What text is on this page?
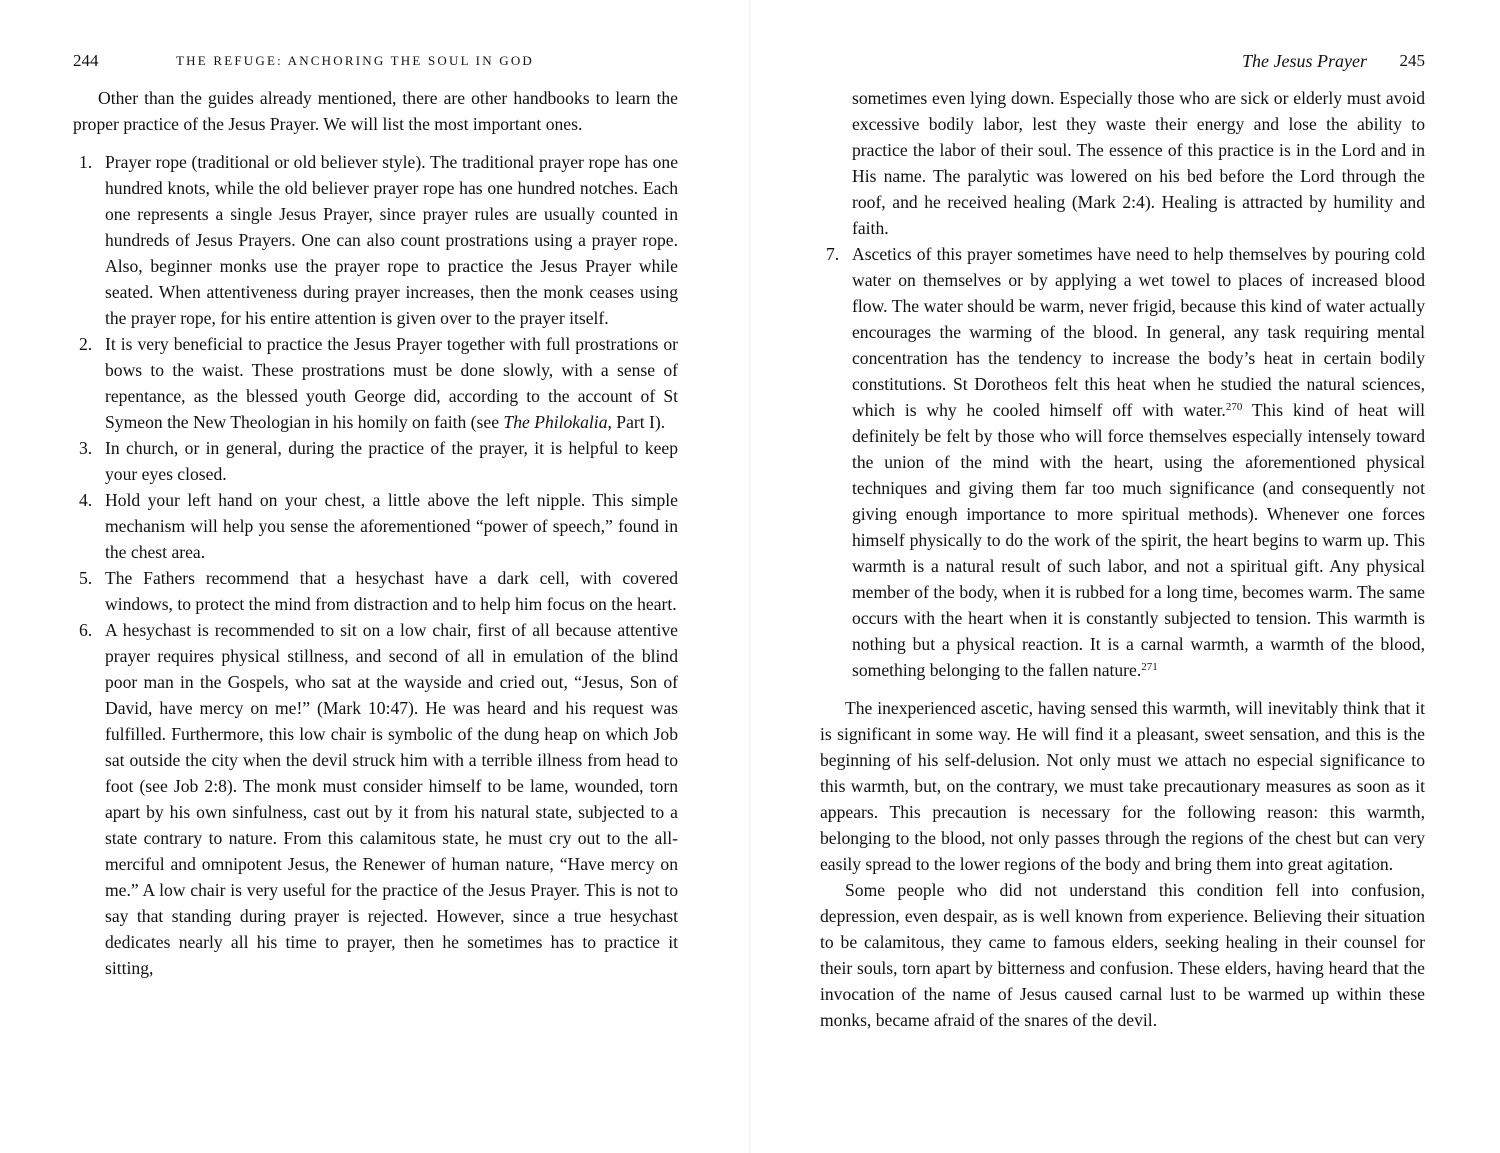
244	THE REFUGE: ANCHORING THE SOUL IN GOD

Other than the guides already mentioned, there are other handbooks to learn the proper practice of the Jesus Prayer. We will list the most important ones.

1. Prayer rope (traditional or old believer style). The traditional prayer rope has one hundred knots, while the old believer prayer rope has one hundred notches. Each one represents a single Jesus Prayer, since prayer rules are usually counted in hundreds of Jesus Prayers. One can also count prostrations using a prayer rope. Also, beginner monks use the prayer rope to practice the Jesus Prayer while seated. When attentiveness during prayer increases, then the monk ceases using the prayer rope, for his entire attention is given over to the prayer itself.
2. It is very beneficial to practice the Jesus Prayer together with full prostrations or bows to the waist. These prostrations must be done slowly, with a sense of repentance, as the blessed youth George did, according to the account of St Symeon the New Theologian in his homily on faith (see The Philokalia, Part I).
3. In church, or in general, during the practice of the prayer, it is helpful to keep your eyes closed.
4. Hold your left hand on your chest, a little above the left nipple. This simple mechanism will help you sense the aforementioned “power of speech,” found in the chest area.
5. The Fathers recommend that a hesychast have a dark cell, with covered windows, to protect the mind from distraction and to help him focus on the heart.
6. A hesychast is recommended to sit on a low chair, first of all because attentive prayer requires physical stillness, and second of all in emulation of the blind poor man in the Gospels, who sat at the wayside and cried out, “Jesus, Son of David, have mercy on me!” (Mark 10:47). He was heard and his request was fulfilled. Furthermore, this low chair is symbolic of the dung heap on which Job sat outside the city when the devil struck him with a terrible illness from head to foot (see Job 2:8). The monk must consider himself to be lame, wounded, torn apart by his own sinfulness, cast out by it from his natural state, subjected to a state contrary to nature. From this calamitous state, he must cry out to the all-merciful and omnipotent Jesus, the Renewer of human nature, “Have mercy on me.” A low chair is very useful for the practice of the Jesus Prayer. This is not to say that standing during prayer is rejected. However, since a true hesychast dedicates nearly all his time to prayer, then he sometimes has to practice it sitting,
The Jesus Prayer 245

sometimes even lying down. Especially those who are sick or elderly must avoid excessive bodily labor, lest they waste their energy and lose the ability to practice the labor of their soul. The essence of this practice is in the Lord and in His name. The paralytic was lowered on his bed before the Lord through the roof, and he received healing (Mark 2:4). Healing is attracted by humility and faith.

7. Ascetics of this prayer sometimes have need to help themselves by pouring cold water on themselves or by applying a wet towel to places of increased blood flow. The water should be warm, never frigid, because this kind of water actually encourages the warming of the blood. In general, any task requiring mental concentration has the tendency to increase the body’s heat in certain bodily constitutions. St Dorotheos felt this heat when he studied the natural sciences, which is why he cooled himself off with water.$^{270}$ This kind of heat will definitely be felt by those who will force themselves especially intensely toward the union of the mind with the heart, using the aforementioned physical techniques and giving them far too much significance (and consequently not giving enough importance to more spiritual methods). Whenever one forces himself physically to do the work of the spirit, the heart begins to warm up. This warmth is a natural result of such labor, and not a spiritual gift. Any physical member of the body, when it is rubbed for a long time, becomes warm. The same occurs with the heart when it is constantly subjected to tension. This warmth is nothing but a physical reaction. It is a carnal warmth, a warmth of the blood, something belonging to the fallen nature.$^{271}$

The inexperienced ascetic, having sensed this warmth, will inevitably think that it is significant in some way. He will find it a pleasant, sweet sensation, and this is the beginning of his self-delusion. Not only must we attach no especial significance to this warmth, but, on the contrary, we must take precautionary measures as soon as it appears. This precaution is necessary for the following reason: this warmth, belonging to the blood, not only passes through the regions of the chest but can very easily spread to the lower regions of the body and bring them into great agitation.

Some people who did not understand this condition fell into confusion, depression, even despair, as is well known from experience. Believing their situation to be calamitous, they came to famous elders, seeking healing in their counsel for their souls, torn apart by bitterness and confusion. These elders, having heard that the invocation of the name of Jesus caused carnal lust to be warmed up within these monks, became afraid of the snares of the devil.
